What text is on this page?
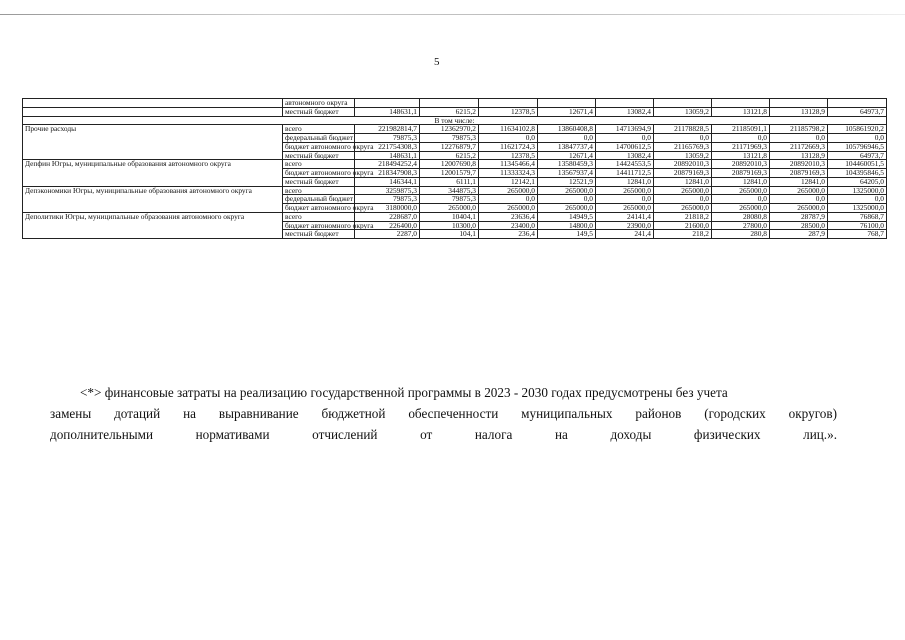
5
	автономного округа									
	местный бюджет	148631,1	6215,2	12378,5	12671,4	13082,4	13059,2	13121,8	13128,9	64973,7
В том числе:										
Прочие расходы	всего	221982814,7	12362970,2	11634102,8	13860408,8	14713694,9	21178828,5	21185091,1	21185798,2	105861920,2
	федеральный бюджет	79875,3	79875,3	0,0	0,0	0,0	0,0	0,0	0,0	0,0
	бюджет автономного округа	221754308,3	12276879,7	11621724,3	13847737,4	14700612,5	21165769,3	21171969,3	21172669,3	105796946,5
	местный бюджет	148631,1	6215,2	12378,5	12671,4	13082,4	13059,2	13121,8	13128,9	64973,7
Депфин Югры, муниципальные образования автономного округа	всего	218494252,4	12007690,8	11345466,4	13580459,3	14424553,5	20892010,3	20892010,3	20892010,3	104460051,5
	бюджет автономного округа	218347908,3	12001579,7	11333324,3	13567937,4	14411712,5	20879169,3	20879169,3	20879169,3	104395846,5
	местный бюджет	146344,1	6111,1	12142,1	12521,9	12841,0	12841,0	12841,0	12841,0	64205,0
Депэкономики Югры, муниципальные образования автономного округа	всего	3259875,3	344875,3	265000,0	265000,0	265000,0	265000,0	265000,0	265000,0	1325000,0
	федеральный бюджет	79875,3	79875,3	0,0	0,0	0,0	0,0	0,0	0,0	0,0
	бюджет автономного округа	3180000,0	265000,0	265000,0	265000,0	265000,0	265000,0	265000,0	265000,0	1325000,0
Деполитики Югры, муниципальные образования автономного округа	всего	228687,0	10404,1	23636,4	14949,5	24141,4	21818,2	28080,8	28787,9	76868,7
	бюджет автономного округа	226400,0	10300,0	23400,0	14800,0	23900,0	21600,0	27800,0	28500,0	76100,0
	местный бюджет	2287,0	104,1	236,4	149,5	241,4	218,2	280,8	287,9	768,7

<*> финансовые затраты на реализацию государственной программы в 2023 - 2030 годах предусмотрены без учета

замены дотаций на выравнивание бюджетной обеспеченности муниципальных районов (городских округов)

дополнительными нормативами отчислений от налога на доходы физических лиц.».
